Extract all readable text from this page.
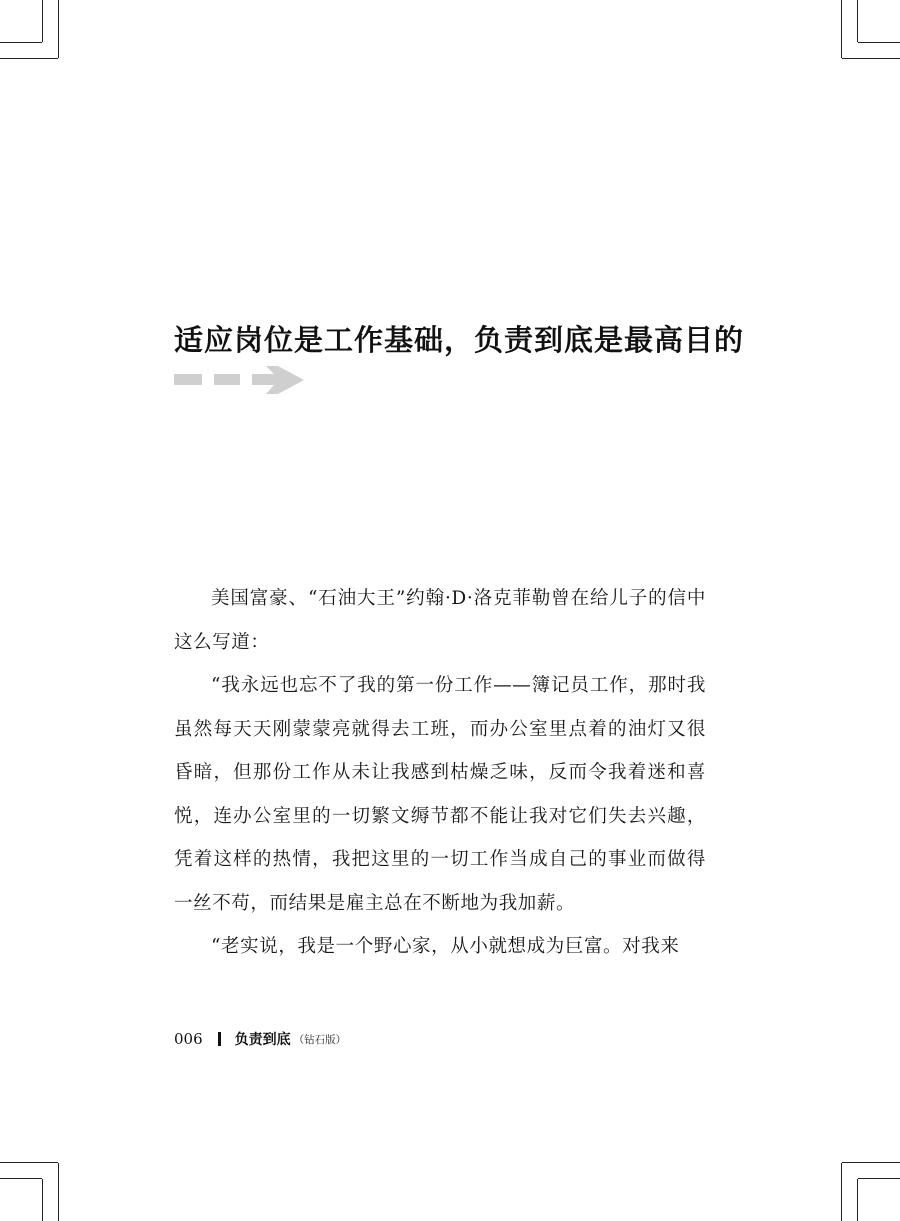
适应岗位是工作基础，负责到底是最高目的

美国富豪、“石油大王”约翰·D·洛克菲勒曾在给儿子的信中这么写道：

“我永远也忘不了我的第一份工作——簿记员工作，那时我虽然每天天刚蒙蒙亮就得去工班，而办公室里点着的油灯又很昏暗，但那份工作从未让我感到枯燥乏味，反而令我着迷和喜悦，连办公室里的一切繁文缛节都不能让我对它们失去兴趣，凭着这样的热情，我把这里的一切工作当成自己的事业而做得一丝不苟，而结果是雇主总在不断地为我加薪。

“老实说，我是一个野心家，从小就想成为巨富。对我来

006 负责到底 （钻石版）
